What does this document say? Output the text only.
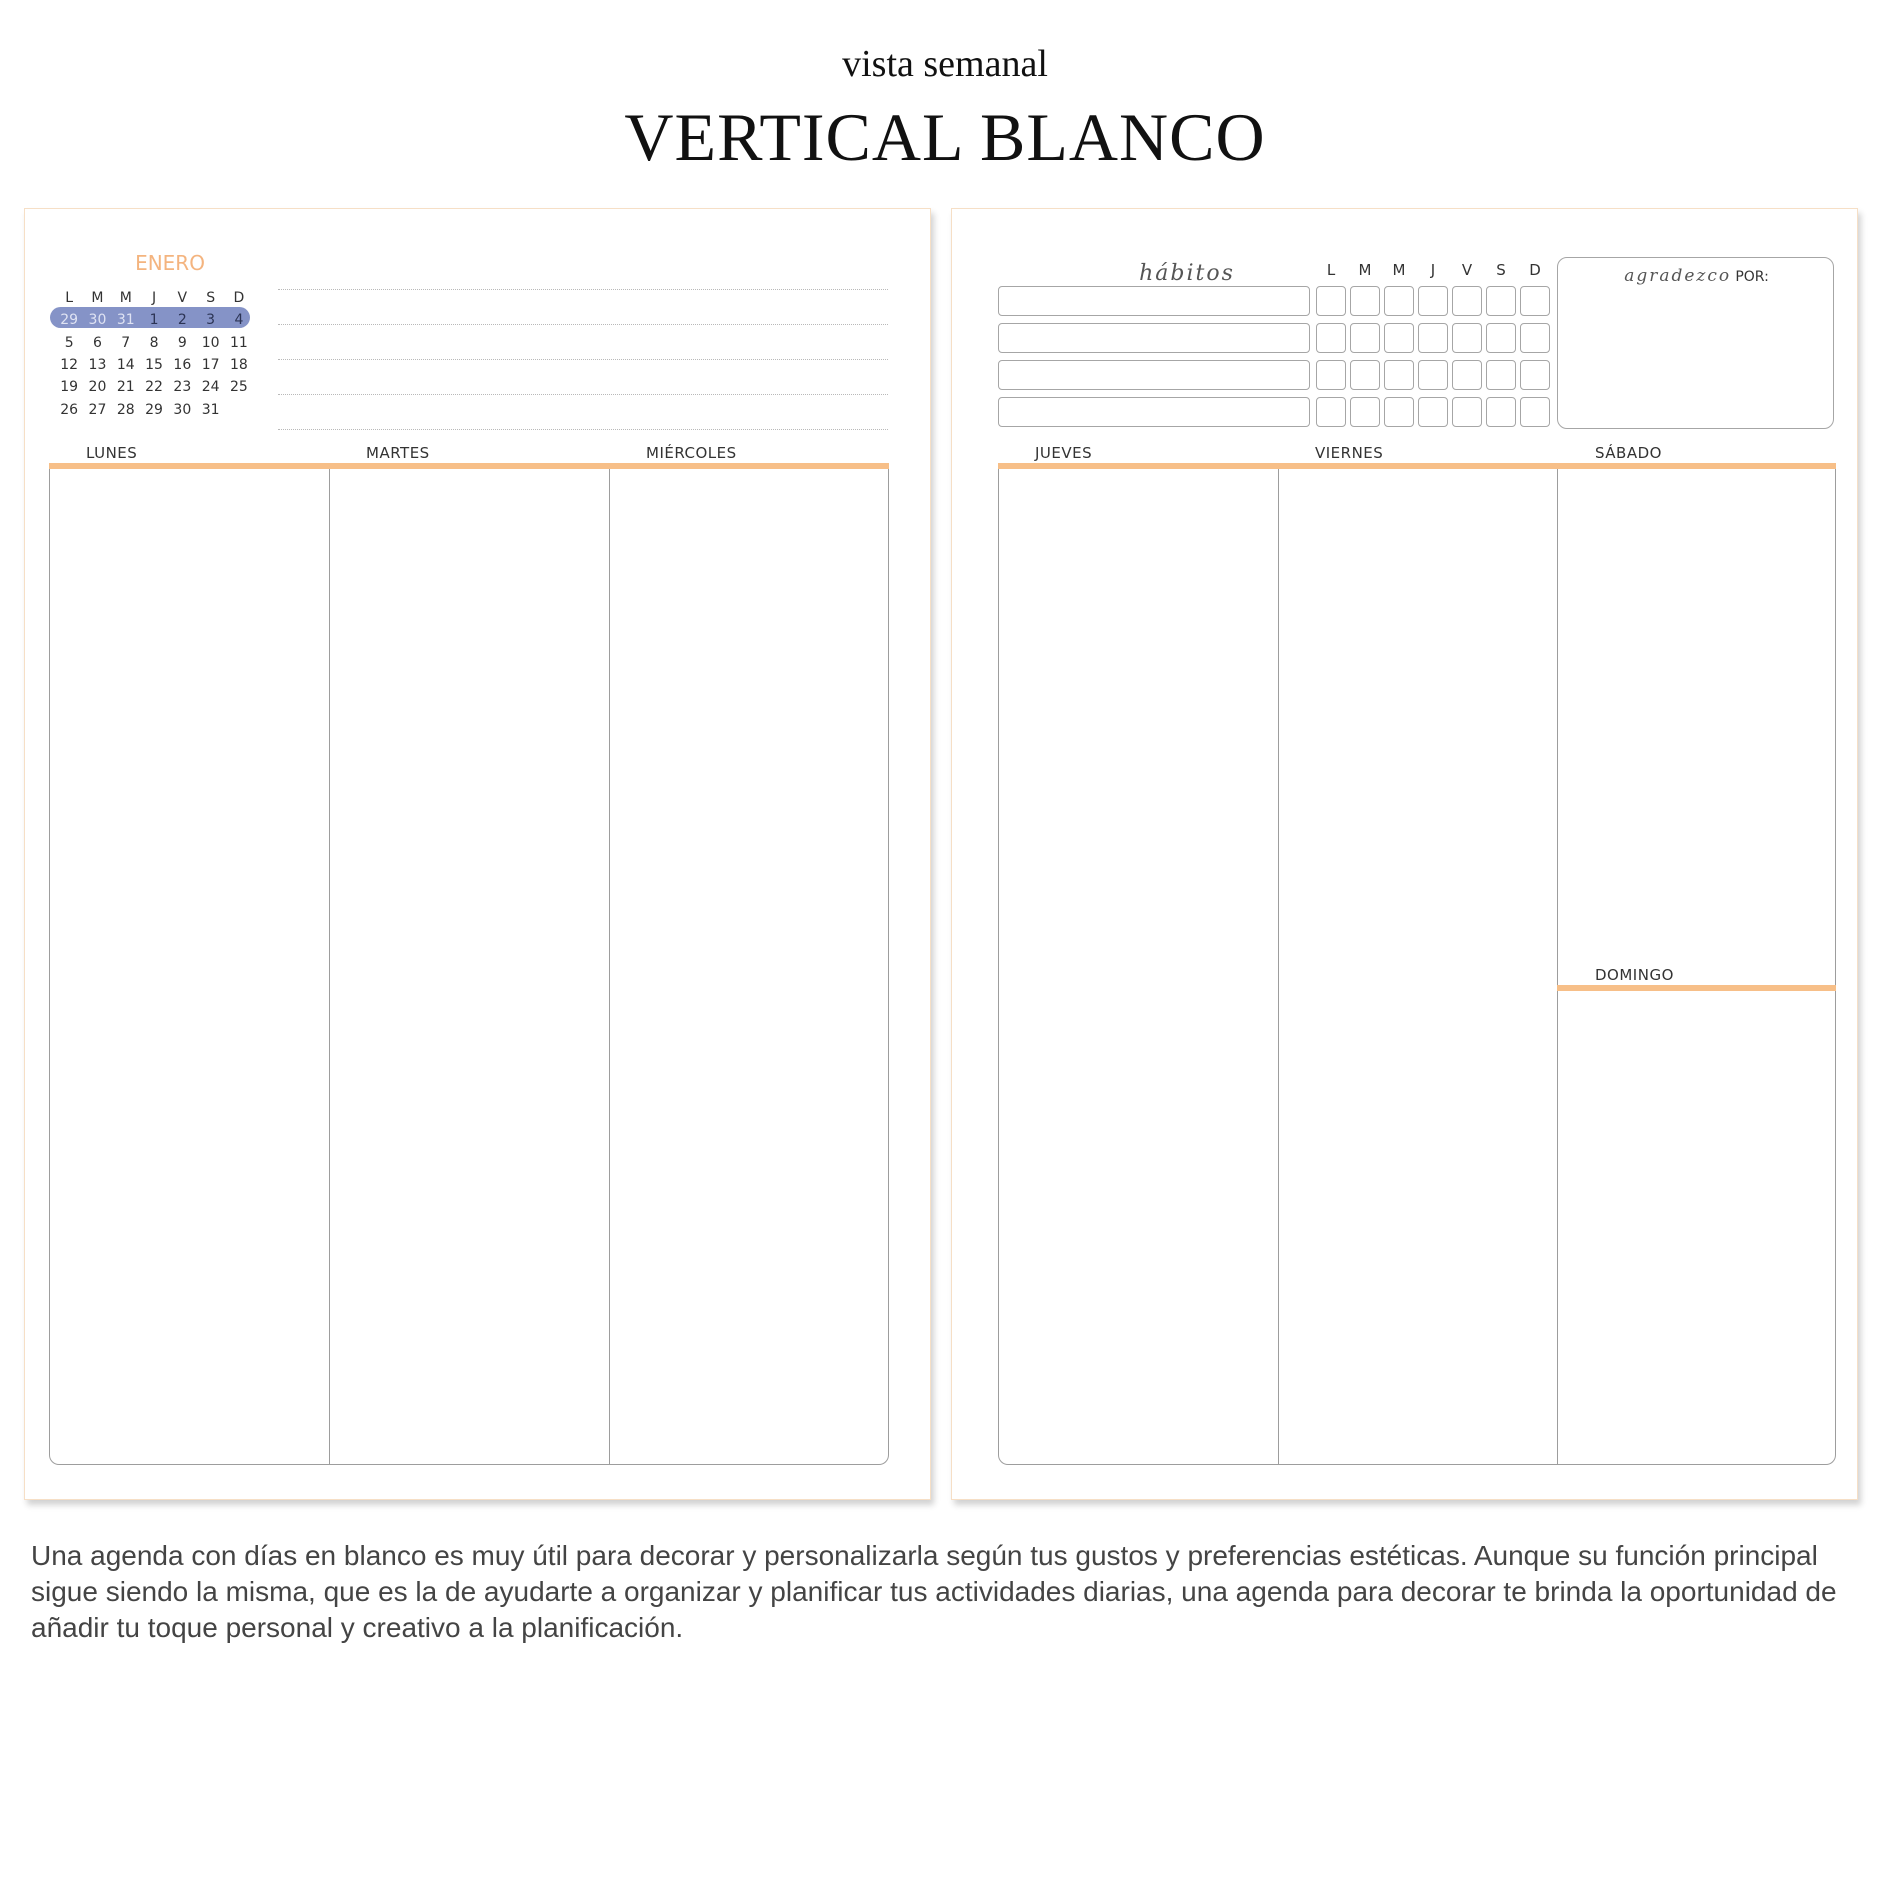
vista semanal
VERTICAL BLANCO
ENERO
L	M	M	J	V	S	D
29 30 31	1	2	3	4
5	6	7	8	9	10 11
12 13 14 15 16 17 18
19 20 21 22 23 24 25
26 27 28 29 30 31
LUNES	MARTES	MIÉRCOLES
hábitos	L	M	M	J	V	S	D	agradezco POR:
JUEVES	VIERNES	SÁBADO
DOMINGO
Una agenda con días en blanco es muy útil para decorar y personalizarla según tus gustos y preferencias estéticas. Aunque su función principal sigue siendo la misma, que es la de ayudarte a organizar y planificar tus actividades diarias, una agenda para decorar te brinda la oportunidad de añadir tu toque personal y creativo a la planificación.
